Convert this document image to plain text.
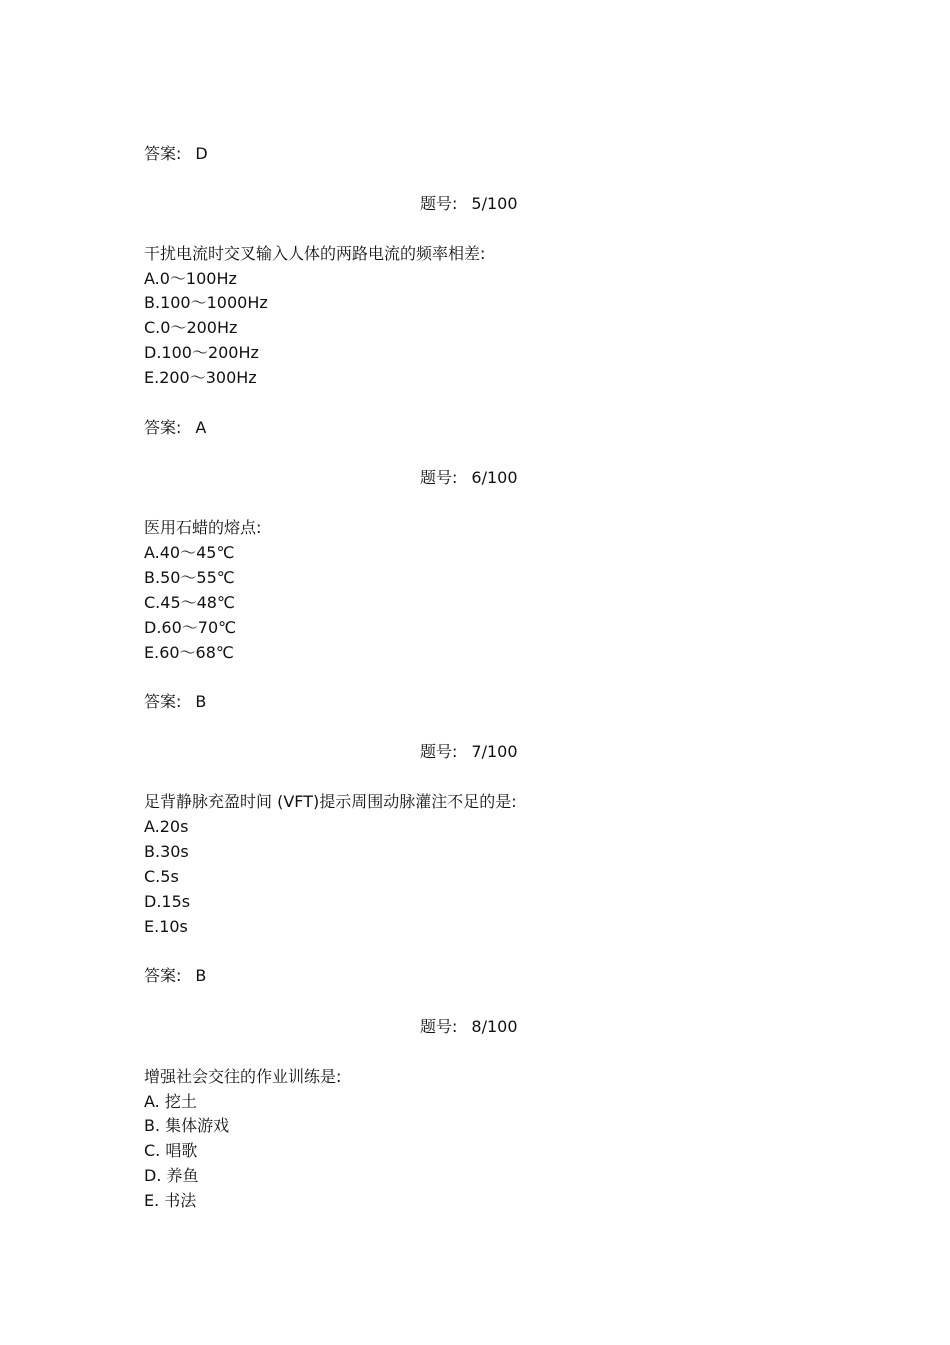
答案: D
题号: 5/100
干扰电流时交叉输入人体的两路电流的频率相差:
A.0～100Hz
B.100～1000Hz
C.0～200Hz
D.100～200Hz
E.200～300Hz
答案: A
题号: 6/100
医用石蜡的熔点:
A.40～45℃
B.50～55℃
C.45～48℃
D.60～70℃
E.60～68℃
答案: B
题号: 7/100
足背静脉充盈时间 (VFT)提示周围动脉灌注不足的是:
A.20s
B.30s
C.5s
D.15s
E.10s
答案: B
题号: 8/100
增强社会交往的作业训练是:
A. 挖土
B. 集体游戏
C. 唱歌
D. 养鱼
E. 书法
